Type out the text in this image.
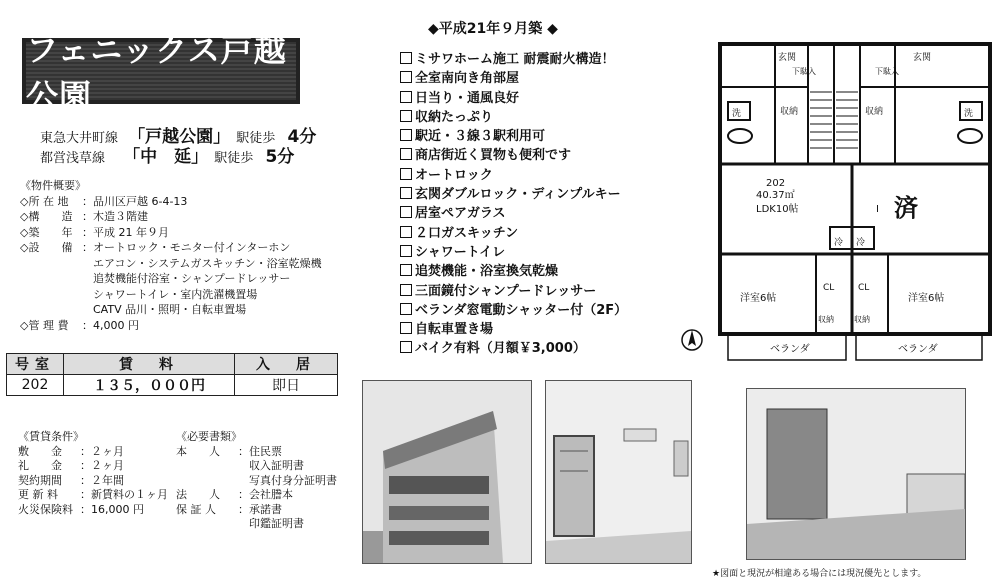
フェニックス戸越公園
東急大井町線 「戸越公園」 駅徒歩 4分
都営浅草線 「中　延」 駅徒歩 5分
《物件概要》
◇所 在 地 ：品川区戸越 6-4-13
◇構　　造 ：木造３階建
◇築　　年 ：平成 21 年９月
◇設　　備 ：オートロック・モニター付インターホン
　エアコン・システムガスキッチン・浴室乾燥機
　追焚機能付浴室・シャンプードレッサー
　シャワートイレ・室内洗濯機置場
　CATV 品川・照明・自転車置場
◇管 理 費 ：4,000 円
号室	賃　料	入　居
202	１３５，０００円	即日
《賃貸条件》
敷　　金 ：２ヶ月
礼　　金 ：２ヶ月
契約期間 ：２年間
更 新 料 ：新賃料の１ヶ月
火災保険料 ：16,000 円
《必要書類》
本　　人 ：住民票
　収入証明書
　写真付身分証明書
法　　人 ：会社謄本
保 証 人 ：承諾書
　印鑑証明書
◆平成21年９月築 ◆
ミサワホーム施工 耐震耐火構造！
全室南向き角部屋
日当り・通風良好
収納たっぷり
駅近・３線３駅利用可
商店街近く買物も便利です
オートロック
玄関ダブルロック・ディンプルキー
居室ペアガラス
２口ガスキッチン
シャワートイレ
追焚機能・浴室換気乾燥
三面鏡付シャンプードレッサー
ベランダ窓電動シャッター付（2F）
自転車置き場
バイク有料（月額￥3,000）
玄関	玄関
下駄入	下駄入
洗	洗
収納	収納
冷 冷
CL	CL
収納	収納
洋室6帖	洋室6帖
ベランダ	ベランダ
202
40.37㎡
LDK10帖	I 済
★図面と現況が相違ある場合には現況優先とします。
